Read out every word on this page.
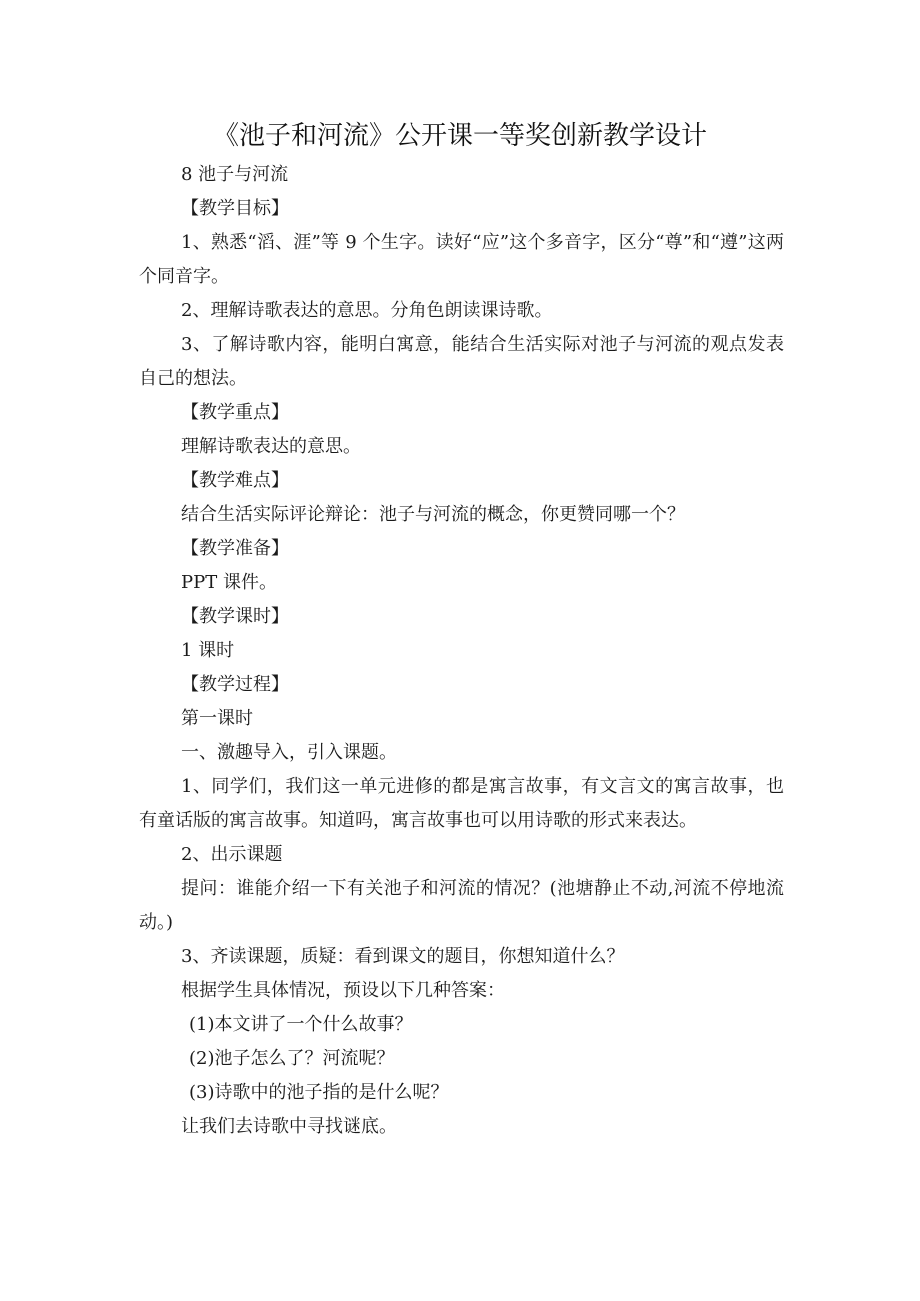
《池子和河流》公开课一等奖创新教学设计

8 池子与河流

【教学目标】

1、熟悉“滔、涯”等 9 个生字。读好“应”这个多音字，区分“尊”和“遵”这两个同音字。

2、理解诗歌表达的意思。分角色朗读课诗歌。

3、了解诗歌内容，能明白寓意，能结合生活实际对池子与河流的观点发表自己的想法。

【教学重点】

理解诗歌表达的意思。

【教学难点】

结合生活实际评论辩论：池子与河流的概念，你更赞同哪一个？

【教学准备】

PPT 课件。

【教学课时】

1 课时

【教学过程】

第一课时

一、激趣导入，引入课题。

1、同学们，我们这一单元进修的都是寓言故事，有文言文的寓言故事，也有童话版的寓言故事。知道吗，寓言故事也可以用诗歌的形式来表达。

2、出示课题

提问：谁能介绍一下有关池子和河流的情况？(池塘静止不动,河流不停地流动。)

3、齐读课题，质疑：看到课文的题目，你想知道什么？

根据学生具体情况，预设以下几种答案：

(1)本文讲了一个什么故事？

(2)池子怎么了？河流呢？

(3)诗歌中的池子指的是什么呢？

让我们去诗歌中寻找谜底。
